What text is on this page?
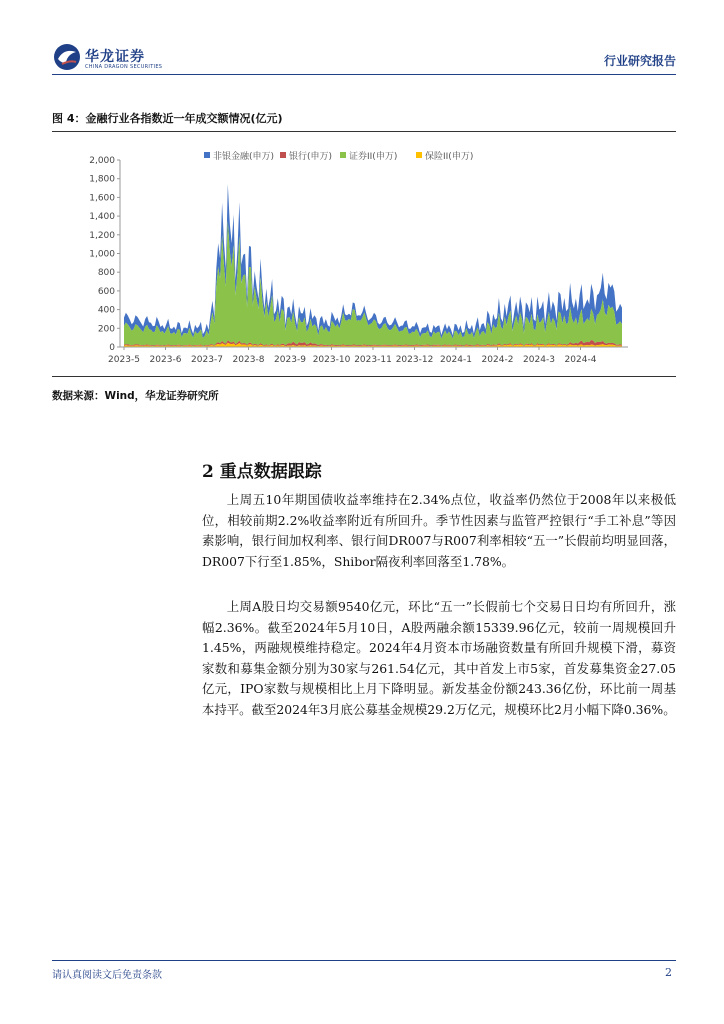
华龙证券
CHINA DRAGON SECURITIES	行业研究报告
图 4：金融行业各指数近一年成交额情况(亿元)
非银金融(申万) 银行(申万) 证券II(申万)	保险II(申万)
0
200
400
600
800
1,000
1,200
1,400
1,600
1,800
2,000
2023-5 2023-6 2023-7 2023-8 2023-9 2023-10 2023-11 2023-12 2024-1 2024-2 2024-3 2024-4
数据来源：Wind，华龙证券研究所
2 重点数据跟踪

上周五10年期国债收益率维持在2.34%点位，收益率仍然位于2008年以来极低位，相较前期2.2%收益率附近有所回升。季节性因素与监管严控银行“手工补息”等因素影响，银行间加权利率、银行间DR007与R007利率相较“五一”长假前均明显回落，DR007下行至1.85%，Shibor隔夜利率回落至1.78%。

上周A股日均交易额9540亿元，环比“五一”长假前七个交易日日均有所回升，涨幅2.36%。截至2024年5月10日，A股两融余额15339.96亿元，较前一周规模回升1.45%，两融规模维持稳定。2024年4月资本市场融资数量有所回升规模下滑，募资家数和募集金额分别为30家与261.54亿元，其中首发上市5家，首发募集资金27.05亿元，IPO家数与规模相比上月下降明显。新发基金份额243.36亿份，环比前一周基本持平。截至2024年3月底公募基金规模29.2万亿元，规模环比2月小幅下降0.36%。

请认真阅读文后免责条款	2
